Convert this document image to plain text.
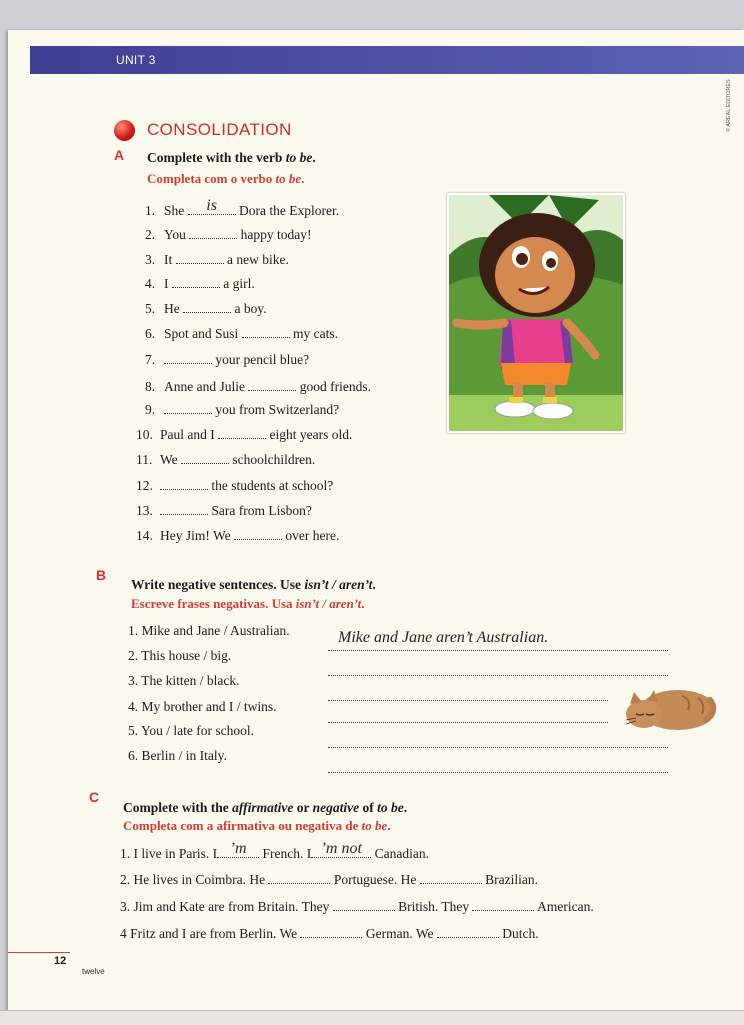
UNIT 3
© AREAL EDITORES
CONSOLIDATION
A Complete with the verb to be.
Completa com o verbo to be.
1. She	is	Dora the Explorer.
2. You	happy today!
3. It	a new bike.
4. I	a girl.
5. He	a boy.
6. Spot and Susi	my cats.
7.	your pencil blue?
8. Anne and Julie	good friends.
9.	you from Switzerland?
10. Paul and I	eight years old.
11. We	schoolchildren.
12.	the students at school?
13.	Sara from Lisbon?
14. Hey Jim! We	over here.
B
Write negative sentences. Use isn’t / aren’t.
Escreve frases negativas. Usa isn’t / aren’t.
1. Mike and Jane / Australian.	Mike and Jane aren’t Australian.
2. This house / big.
3. The kitten / black.
4. My brother and I / twins.
5. You / late for school.
6. Berlin / in Italy.
C
Complete with the affirmative or negative of to be.
Completa com a afirmativa ou negativa de to be.
1. I live in Paris. I ’m French. I ’m not Canadian.
2. He lives in Coimbra. He	Portuguese. He	Brazilian.
3. Jim and Kate are from Britain. They	British. They	American.
4 Fritz and I are from Berlin. We	German. We	Dutch.
12
twelve
